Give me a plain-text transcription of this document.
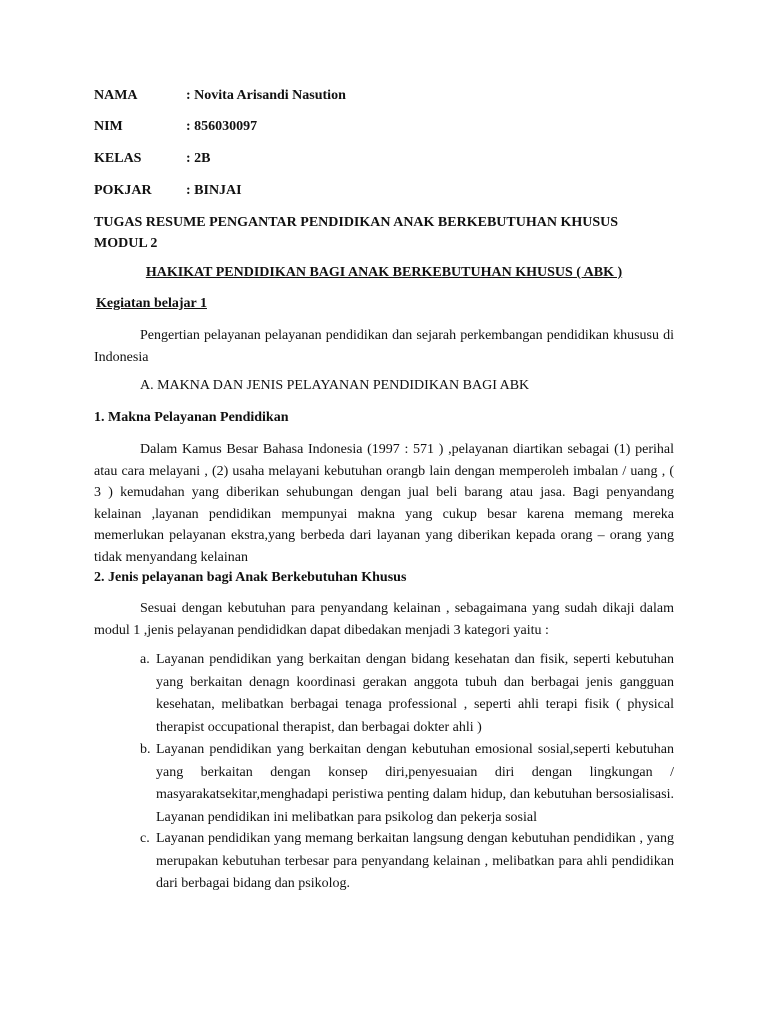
NAMA	: Novita Arisandi Nasution
NIM	: 856030097
KELAS	: 2B
POKJAR : BINJAI
TUGAS RESUME PENGANTAR PENDIDIKAN ANAK BERKEBUTUHAN KHUSUS
MODUL 2
HAKIKAT PENDIDIKAN BAGI ANAK BERKEBUTUHAN KHUSUS ( ABK )
Kegiatan belajar 1
Pengertian pelayanan pelayanan pendidikan dan sejarah perkembangan pendidikan khususu di Indonesia
A. MAKNA DAN JENIS PELAYANAN PENDIDIKAN BAGI ABK
1. Makna Pelayanan Pendidikan
Dalam Kamus Besar Bahasa Indonesia (1997 : 571 ) ,pelayanan diartikan sebagai (1) perihal atau cara melayani , (2) usaha melayani kebutuhan orangb lain dengan memperoleh imbalan / uang , ( 3 ) kemudahan yang diberikan sehubungan dengan jual beli barang atau jasa. Bagi penyandang kelainan ,layanan pendidikan mempunyai makna yang cukup besar karena memang mereka memerlukan pelayanan ekstra,yang berbeda dari layanan yang diberikan kepada orang – orang yang tidak menyandang kelainan
2. Jenis pelayanan bagi Anak Berkebutuhan Khusus
Sesuai dengan kebutuhan para penyandang kelainan , sebagaimana yang sudah dikaji dalam modul 1 ,jenis pelayanan pendididkan dapat dibedakan menjadi 3 kategori yaitu :
a. Layanan pendidikan yang berkaitan dengan bidang kesehatan dan fisik, seperti kebutuhan yang berkaitan denagn koordinasi gerakan anggota tubuh dan berbagai jenis gangguan kesehatan, melibatkan berbagai tenaga professional , seperti ahli terapi fisik ( physical therapist occupational therapist, dan berbagai dokter ahli )
b. Layanan pendidikan yang berkaitan dengan kebutuhan emosional sosial,seperti kebutuhan yang berkaitan dengan konsep diri,penyesuaian diri dengan lingkungan / masyarakatsekitar,menghadapi peristiwa penting dalam hidup, dan kebutuhan bersosialisasi. Layanan pendidikan ini melibatkan para psikolog dan pekerja sosial
c. Layanan pendidikan yang memang berkaitan langsung dengan kebutuhan pendidikan , yang merupakan kebutuhan terbesar para penyandang kelainan , melibatkan para ahli pendidikan dari berbagai bidang dan psikolog.
